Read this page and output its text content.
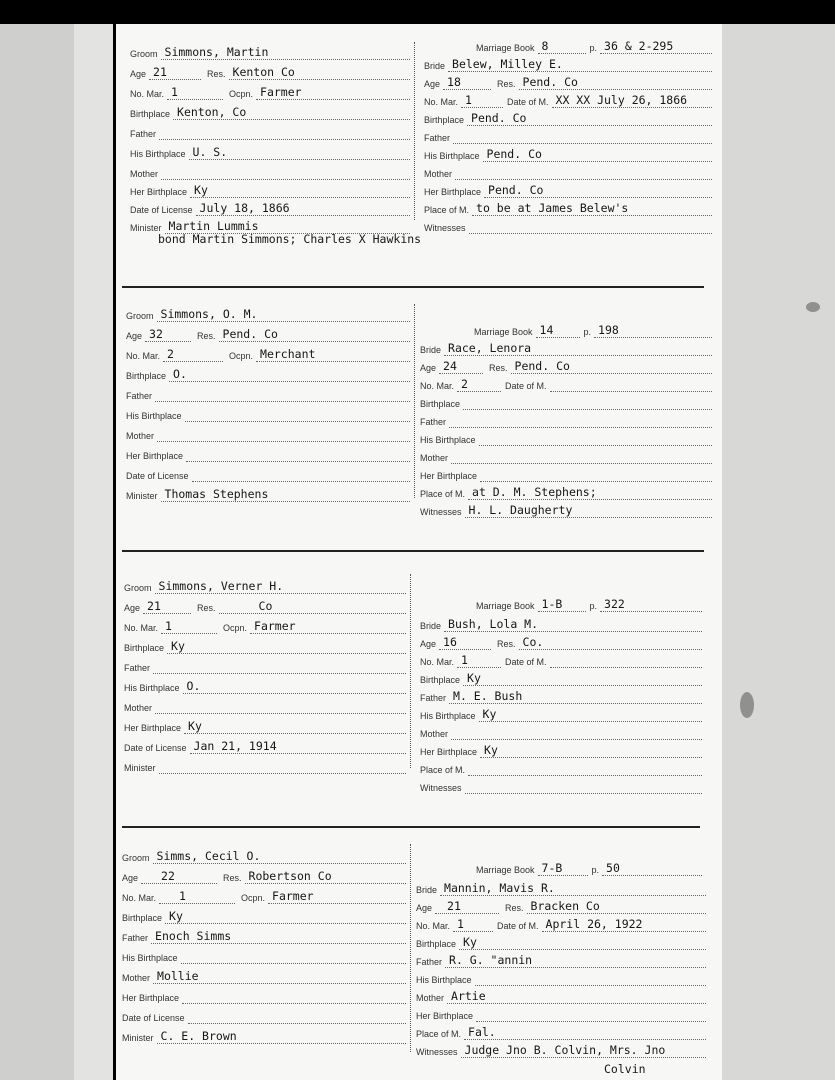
Groom Simmons, Martin
Age 21	Res. Kenton Co
No. Mar. 1	Ocpn. Farmer
Birthplace Kenton, Co
Father
His Birthplace U. S.
Mother
Her Birthplace Ky
Date of License July 18, 1866
Minister Martin Lummis
Marriage Book 8	p. 36 & 2-295
Bride Belew, Milley E.
Age 18	Res. Pend. Co
No. Mar. 1	Date of M. XX XX July 26, 1866
Birthplace Pend. Co
Father
His Birthplace Pend. Co
Mother
Her Birthplace Pend. Co
Place of M. to be at James Belew's
Witnesses
bond Martin Simmons; Charles X Hawkins
Groom Simmons, O. M.
Age 32	Res. Pend. Co
No. Mar. 2	Ocpn. Merchant
Birthplace O.
Father
His Birthplace
Mother
Her Birthplace
Date of License
Minister Thomas Stephens
Marriage Book 14	p. 198
Bride Race, Lenora
Age 24	Res. Pend. Co
No. Mar. 2	Date of M.
Birthplace
Father
His Birthplace
Mother
Her Birthplace
Place of M. at D. M. Stephens;
Witnesses H. L. Daugherty
Groom Simmons, Verner H.
Age 21	Res.	Co
No. Mar. 1	Ocpn. Farmer
Birthplace Ky
Father
His Birthplace O.
Mother
Her Birthplace Ky
Date of License Jan 21, 1914
Minister
Marriage Book 1-B	p. 322
Bride Bush, Lola M.
Age 16	Res. Co.
No. Mar. 1	Date of M.
Birthplace Ky
Father M. E. Bush
His Birthplace Ky
Mother
Her Birthplace Ky
Place of M.
Witnesses
Groom Simms, Cecil O.
Age	22	Res. Robertson Co
No. Mar.	1	Ocpn. Farmer
Birthplace Ky
Father Enoch Simms
His Birthplace
Mother Mollie
Her Birthplace
Date of License
Minister C. E. Brown
Marriage Book 7-B	p. 50
Bride Mannin, Mavis R.
Age	21	Res. Bracken Co
No. Mar. 1	Date of M. April 26, 1922
Birthplace Ky
Father R. G. "annin
His Birthplace
Mother Artie
Her Birthplace
Place of M. Fal.
Witnesses Judge Jno B. Colvin, Mrs. Jno
Colvin
